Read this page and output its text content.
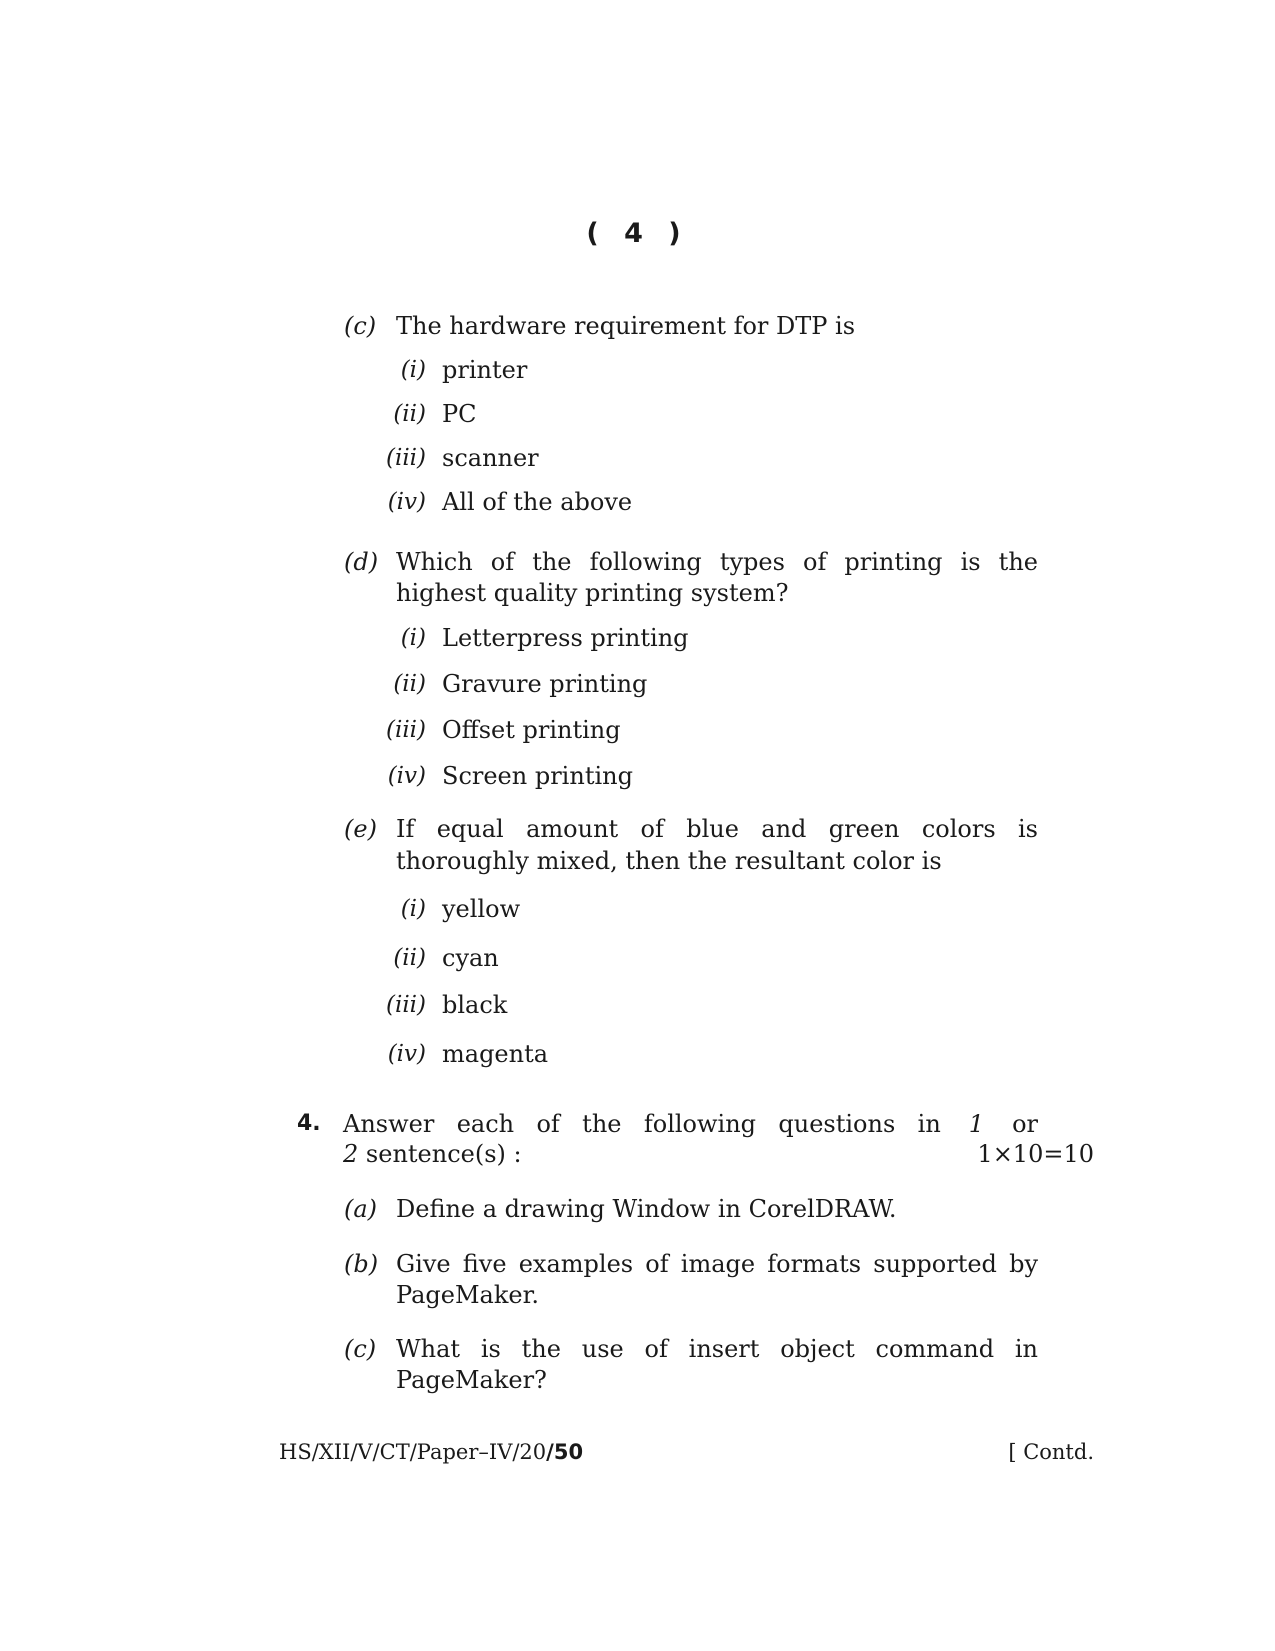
( 4 )
(c) The hardware requirement for DTP is
(i) printer
(ii) PC
(iii) scanner
(iv) All of the above
(d) Which of the following types of printing is the
highest quality printing system?
(i) Letterpress printing
(ii) Gravure printing
(iii) Offset printing
(iv) Screen printing
(e) If equal amount of blue and green colors is
thoroughly mixed, then the resultant color is
(i) yellow
(ii) cyan
(iii) black
(iv) magenta
4. Answer each of the following questions in 1	or
2 sentence(s) :	1×10=10
(a) Define a drawing Window in CorelDRAW.
(b) Give five examples of image formats supported by
PageMaker.
(c) What is the use of insert object command in
PageMaker?
HS/XII/V/CT/Paper–IV/20/50	[ Contd.
